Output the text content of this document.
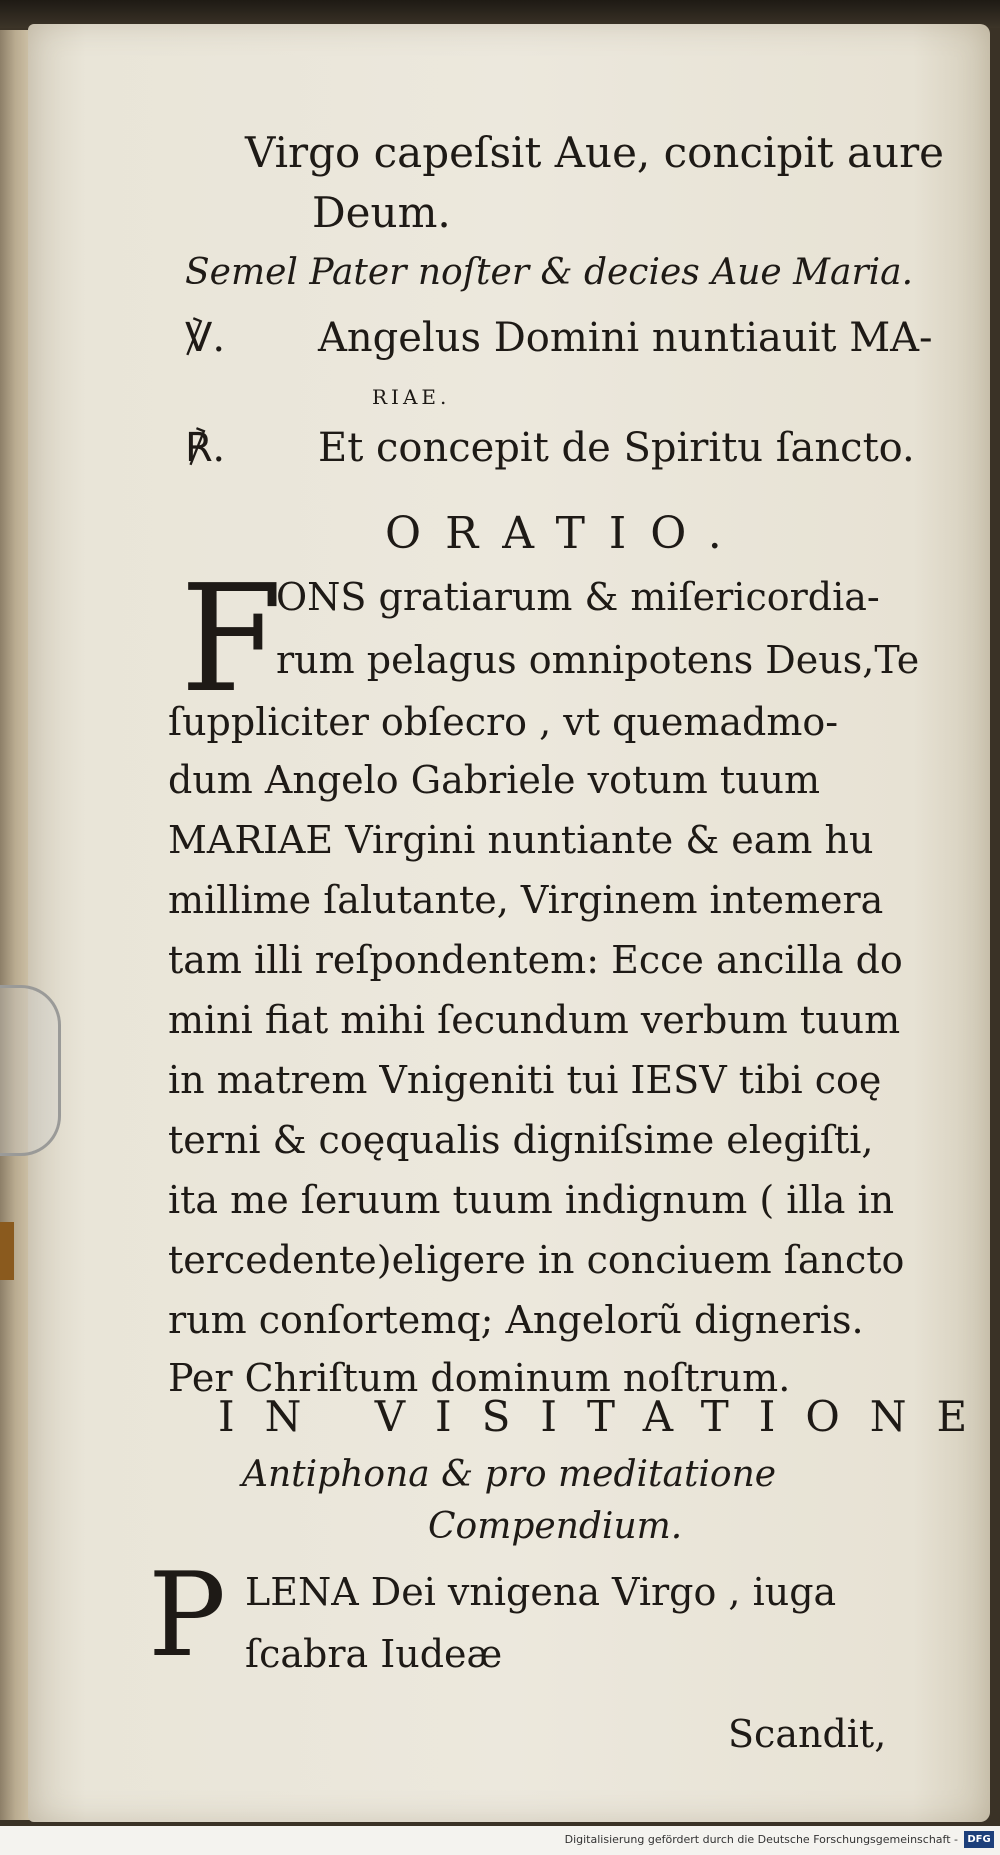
Virgo capeſsit Aue, concipit aure
Deum.
Semel Pater noſter & decies Aue Maria.
℣. Angelus Domini nuntiauit MA-
RIAE.
℟. Et concepit de Spiritu ſancto.
ORATIO.
F
ONS gratiarum & miſericordia-
rum pelagus omnipotens Deus,Te
ſuppliciter obſecro , vt quemadmo-
dum Angelo Gabriele votum tuum
MARIAE Virgini nuntiante & eam hu
millime ſalutante, Virginem intemera
tam illi reſpondentem: Ecce ancilla do
mini fiat mihi ſecundum verbum tuum
in matrem Vnigeniti tui IESV tibi coę
terni & coęqualis digniſsime elegiſti,
ita me ſeruum tuum indignum ( illa in
tercedente)eligere in conciuem ſancto
rum conſortemq; Angelorũ digneris.
Per Chriſtum dominum noſtrum.
IN VISITATIONE
Antiphona & pro meditatione
Compendium.
P LENA Dei vnigena Virgo , iuga
ſcabra Iudeæ
Scandit,
Digitalisierung gefördert durch die Deutsche Forschungsgemeinschaft - DFG
